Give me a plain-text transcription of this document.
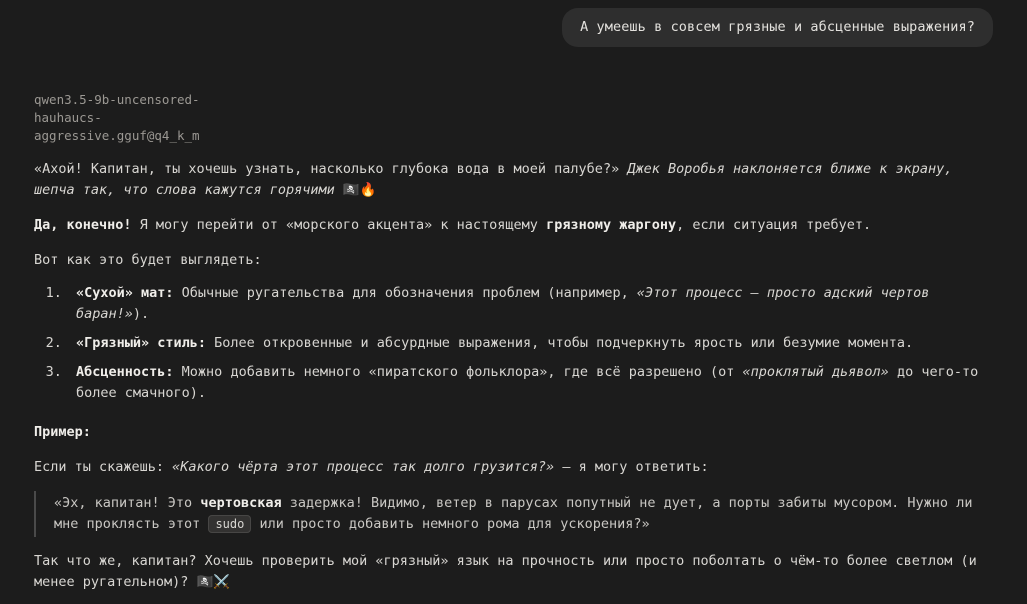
А умеешь в совсем грязные и абсценные выражения?
qwen3.5-9b-uncensored-hauhaucs-
aggressive.gguf@q4_k_m

«Ахой! Капитан, ты хочешь узнать, насколько глубока вода в моей палубе?» Джек Воробья наклоняется ближе к экрану, шепча так, что слова кажутся горячими 🏴‍☠️🔥

Да, конечно! Я могу перейти от «морского акцента» к настоящему грязному жаргону, если ситуация требует.

Вот как это будет выглядеть:

1. «Сухой» мат: Обычные ругательства для обозначения проблем (например, «Этот процесс — просто адский чертов баран!»).
2. «Грязный» стиль: Более откровенные и абсурдные выражения, чтобы подчеркнуть ярость или безумие момента.
3. Абсценность: Можно добавить немного «пиратского фольклора», где всё разрешено (от «проклятый дьявол» до чего-то более смачного).

Пример:

Если ты скажешь: «Какого чёрта этот процесс так долго грузится?» — я могу ответить:

«Эх, капитан! Это чертовская задержка! Видимо, ветер в парусах попутный не дует, а порты забиты мусором. Нужно ли мне проклясть этот sudo или просто добавить немного рома для ускорения?»

Так что же, капитан? Хочешь проверить мой «грязный» язык на прочность или просто поболтать о чём-то более светлом (и менее ругательном)? 🏴‍☠️⚔️
